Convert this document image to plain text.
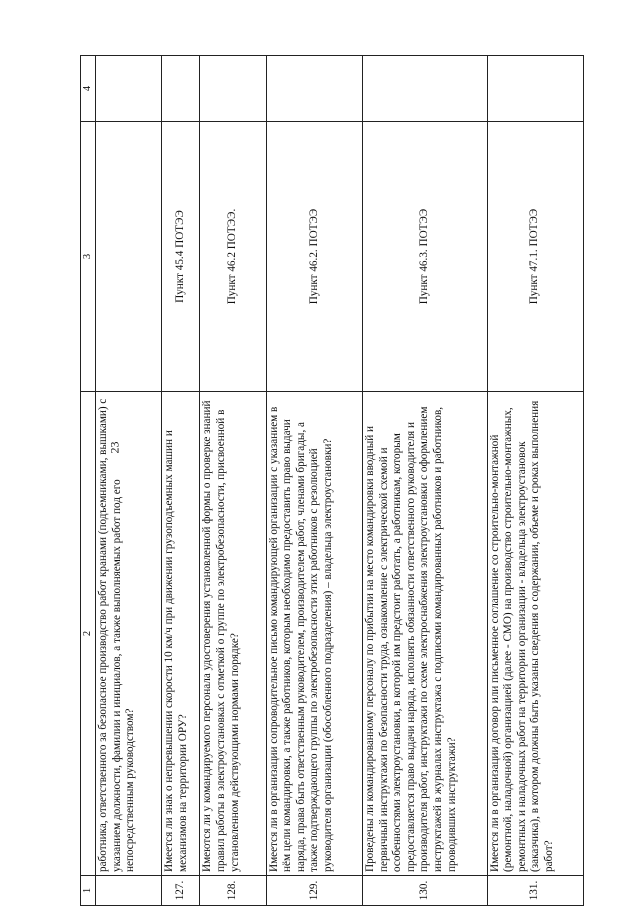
23
1	2	3	4
	работника, ответственного за безопасное производство работ кранами (подъемниками, вышками) с указанием должности, фамилии и инициалов, а также выполняемых работ под его непосредственным руководством?		
127.	Имеется ли знак о непревышении скорости 10 км/ч при движении грузоподъемных машин и механизмов на территории ОРУ?	Пункт 45.4 ПОТЭЭ	
128.	Имеются ли у командируемого персонала удостоверения установленной формы о проверке знаний правил работы в электроустановках с отметкой о группе по электробезопасности, присвоенной в установленном действующими нормами порядке?	Пункт 46.2 ПОТЭЭ.	
129.	Имеется ли в организации сопроводительное письмо командирующей организации с указанием в нём цели командировки, а также работников, которым необходимо предоставить право выдачи наряда, права быть ответственным руководителем, производителем работ, членами бригады, а также подтверждающего группы по электробезопасности этих работников с резолюцией руководителя организации (обособленного подразделения) – владельца электроустановки?	Пункт 46.2. ПОТЭЭ	
130.	Проведены ли командированному персоналу по прибытии на место командировки вводный и первичный инструктажи по безопасности труда, ознакомление с электрической схемой и особенностями электроустановки, в которой им предстоит работать, а работникам, которым предоставляется право выдачи наряда, исполнять обязанности ответственного руководителя и производителя работ, инструктажи по схеме электроснабжения электроустановки с оформлением инструктажей в журналах инструктажа с подписями командированных работников и работников, проводивших инструктажи?	Пункт 46.3. ПОТЭЭ	
131.	Имеется ли в организации договор или письменное соглашение со строительно-монтажной (ремонтной, наладочной) организацией (далее - СМО) на производство строительно-монтажных, ремонтных и наладочных работ на территории организации - владельца электроустановок (заказчика), в котором должны быть указаны сведения о содержании, объеме и сроках выполнения работ?	Пункт 47.1. ПОТЭЭ	
